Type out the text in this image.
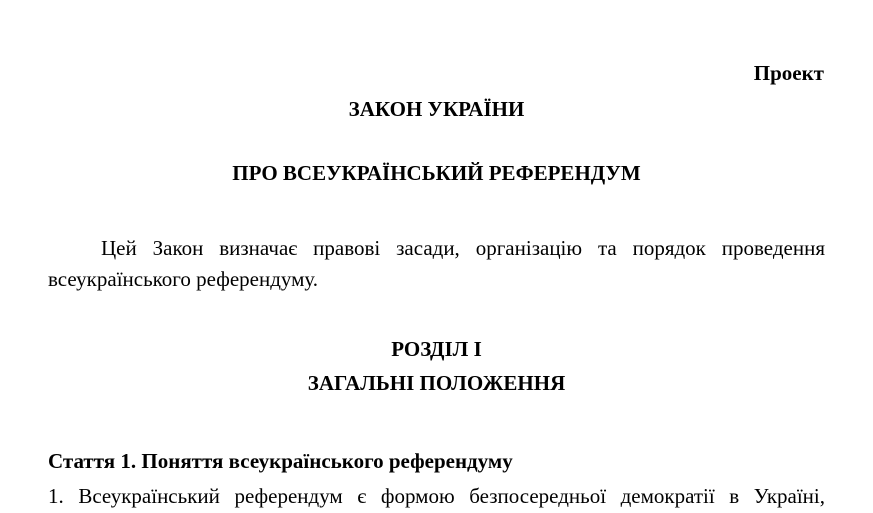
Проект
ЗАКОН УКРАЇНИ
ПРО ВСЕУКРАЇНСЬКИЙ РЕФЕРЕНДУМ
Цей Закон визначає правові засади, організацію та порядок проведення всеукраїнського референдуму.
РОЗДІЛ I
ЗАГАЛЬНІ ПОЛОЖЕННЯ
Стаття 1. Поняття всеукраїнського референдуму
1. Всеукраїнський референдум є формою безпосередньої демократії в Україні,
